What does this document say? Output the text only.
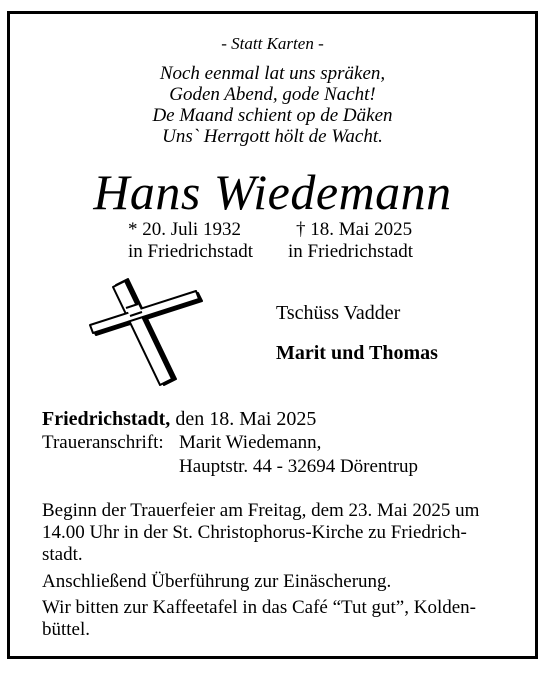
- Statt Karten -
Noch eenmal lat uns spräken,
Goden Abend, gode Nacht!
De Maand schient op de Däken
Uns` Herrgott hölt de Wacht.
Hans Wiedemann
* 20. Juli 1932
in Friedrichstadt
† 18. Mai 2025
in Friedrichstadt
Tschüss Vadder
Marit und Thomas
Friedrichstadt, den 18. Mai 2025
Traueranschrift: Marit Wiedemann,
Hauptstr. 44 - 32694 Dörentrup
Beginn der Trauerfeier am Freitag, dem 23. Mai 2025 um
14.00 Uhr in der St. Christophorus-Kirche zu Friedrich-
stadt.
Anschließend Überführung zur Einäscherung.
Wir bitten zur Kaffeetafel in das Café “Tut gut”, Kolden-
büttel.
